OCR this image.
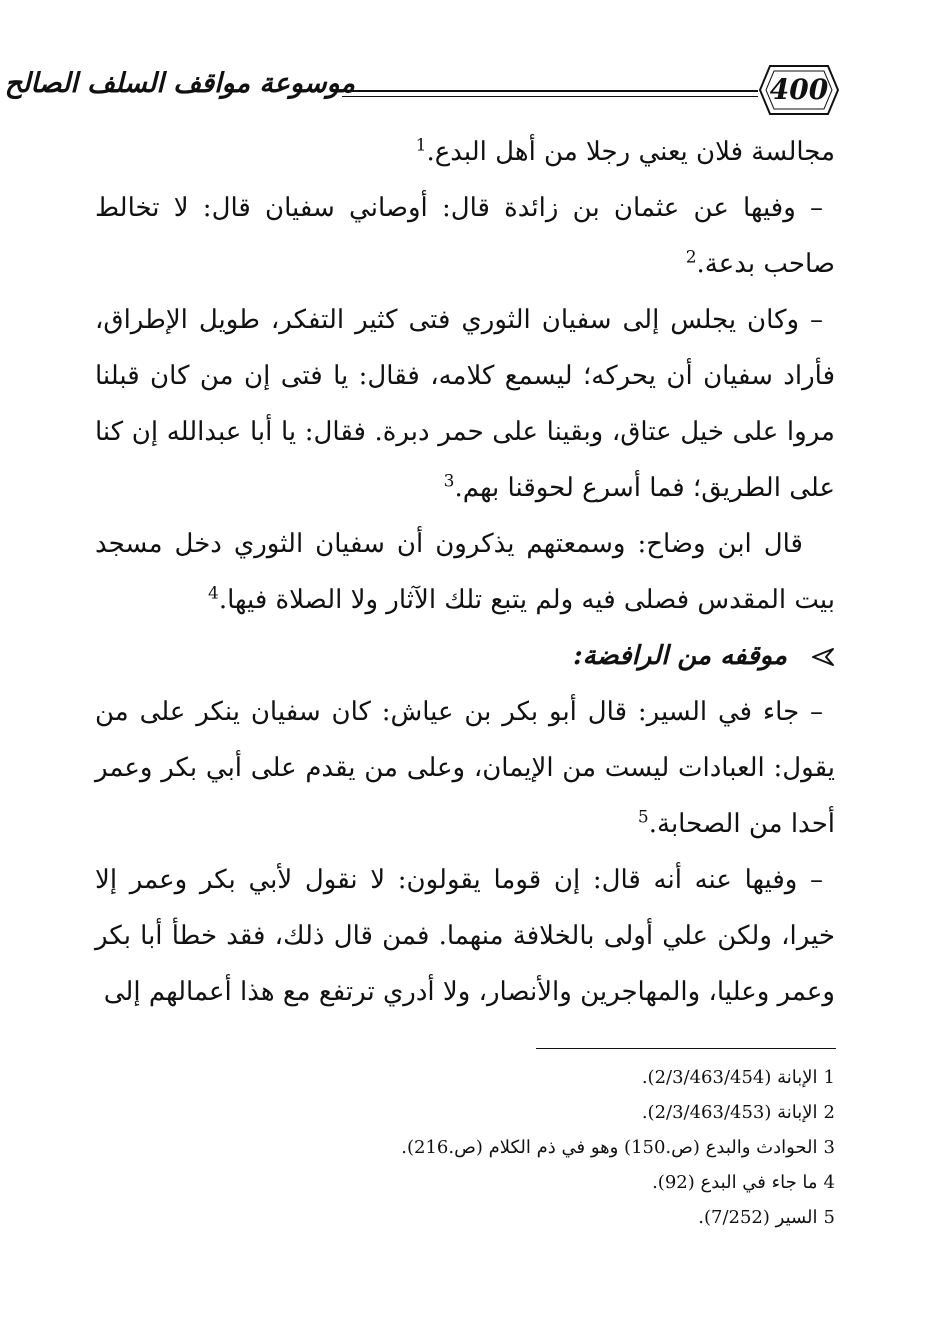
موسوعة مواقف السلف الصالح	400

مجالسة فلان يعني رجلا من أهل البدع.$^1$

– وفيها عن عثمان بن زائدة قال: أوصاني سفيان قال: لا تخالط صاحب بدعة.$^2$

– وكان يجلس إلى سفيان الثوري فتى كثير التفكر، طويل الإطراق، فأراد سفيان أن يحركه؛ ليسمع كلامه، فقال: يا فتى إن من كان قبلنا مروا على خيل عتاق، وبقينا على حمر دبرة. فقال: يا أبا عبدالله إن كنا على الطريق؛ فما أسرع لحوقنا بهم.$^3$

قال ابن وضاح: وسمعتهم يذكرون أن سفيان الثوري دخل مسجد بيت المقدس فصلى فيه ولم يتبع تلك الآثار ولا الصلاة فيها.$^4$

موقفه من الرافضة:

– جاء في السير: قال أبو بكر بن عياش: كان سفيان ينكر على من يقول: العبادات ليست من الإيمان، وعلى من يقدم على أبي بكر وعمر أحدا من الصحابة.$^5$

– وفيها عنه أنه قال: إن قوما يقولون: لا نقول لأبي بكر وعمر إلا خيرا، ولكن علي أولى بالخلافة منهما. فمن قال ذلك، فقد خطأ أبا بكر وعمر وعليا، والمهاجرين والأنصار، ولا أدري ترتفع مع هذا أعمالهم إلى

1الإبانة (2/3/463/454).
2الإبانة (2/3/463/453).
3الحوادث والبدع (ص.150) وهو في ذم الكلام (ص.216).
4ما جاء في البدع (92).
5السير (7/252).
